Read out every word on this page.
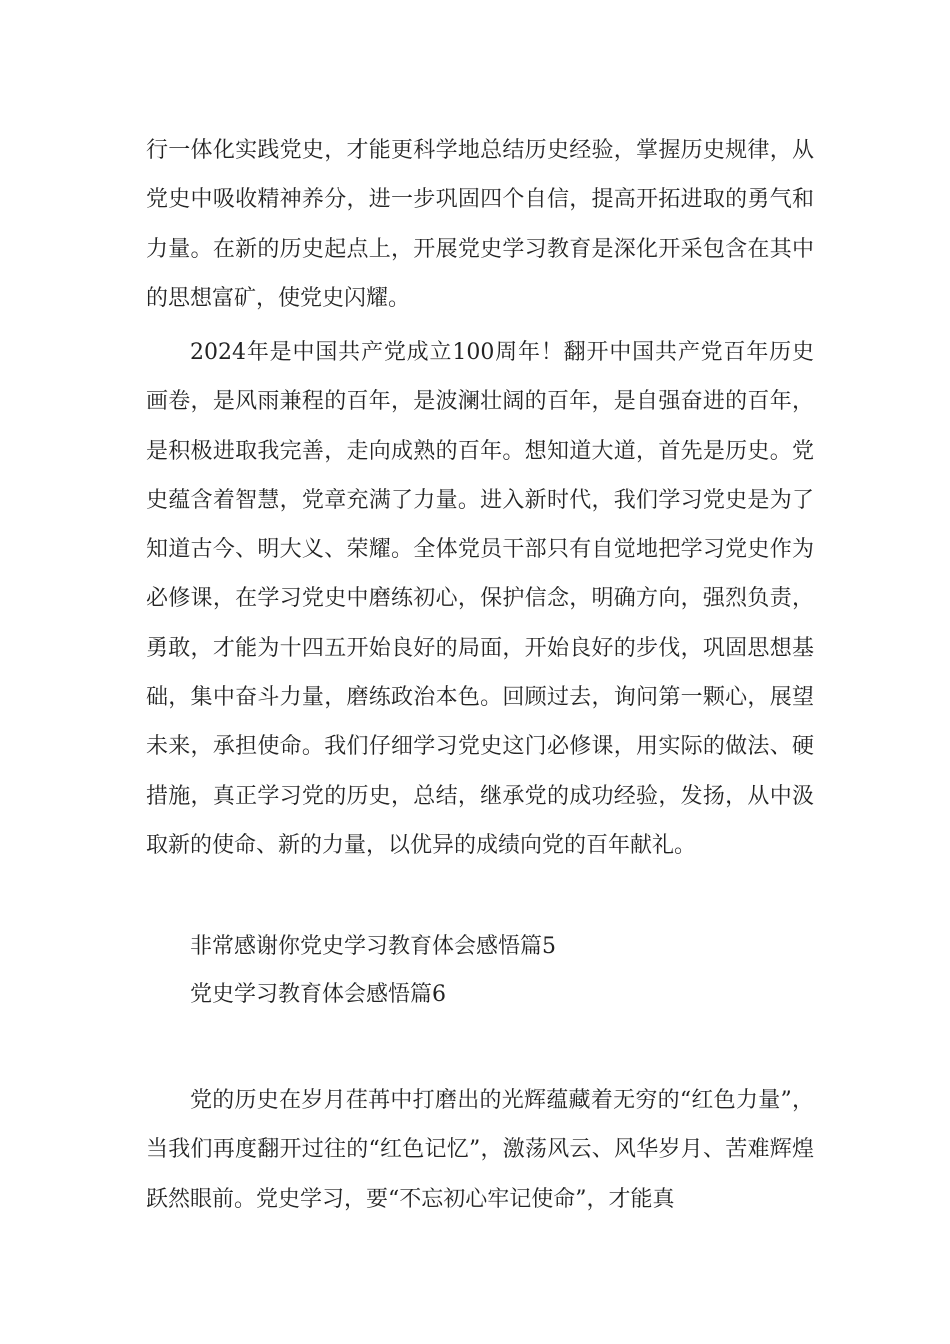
行一体化实践党史，才能更科学地总结历史经验，掌握历史规律，从党史中吸收精神养分，进一步巩固四个自信，提高开拓进取的勇气和力量。在新的历史起点上，开展党史学习教育是深化开采包含在其中的思想富矿，使党史闪耀。

2024年是中国共产党成立100周年！翻开中国共产党百年历史画卷，是风雨兼程的百年，是波澜壮阔的百年，是自强奋进的百年，是积极进取我完善，走向成熟的百年。想知道大道，首先是历史。党史蕴含着智慧，党章充满了力量。进入新时代，我们学习党史是为了知道古今、明大义、荣耀。全体党员干部只有自觉地把学习党史作为必修课，在学习党史中磨练初心，保护信念，明确方向，强烈负责，勇敢，才能为十四五开始良好的局面，开始良好的步伐，巩固思想基础，集中奋斗力量，磨练政治本色。回顾过去，询问第一颗心，展望未来，承担使命。我们仔细学习党史这门必修课，用实际的做法、硬措施，真正学习党的历史，总结，继承党的成功经验，发扬，从中汲取新的使命、新的力量，以优异的成绩向党的百年献礼。

非常感谢你党史学习教育体会感悟篇5

党史学习教育体会感悟篇6

党的历史在岁月荏苒中打磨出的光辉蕴藏着无穷的“红色力量”，当我们再度翻开过往的“红色记忆”，激荡风云、风华岁月、苦难辉煌跃然眼前。党史学习，要“不忘初心牢记使命”，才能真
